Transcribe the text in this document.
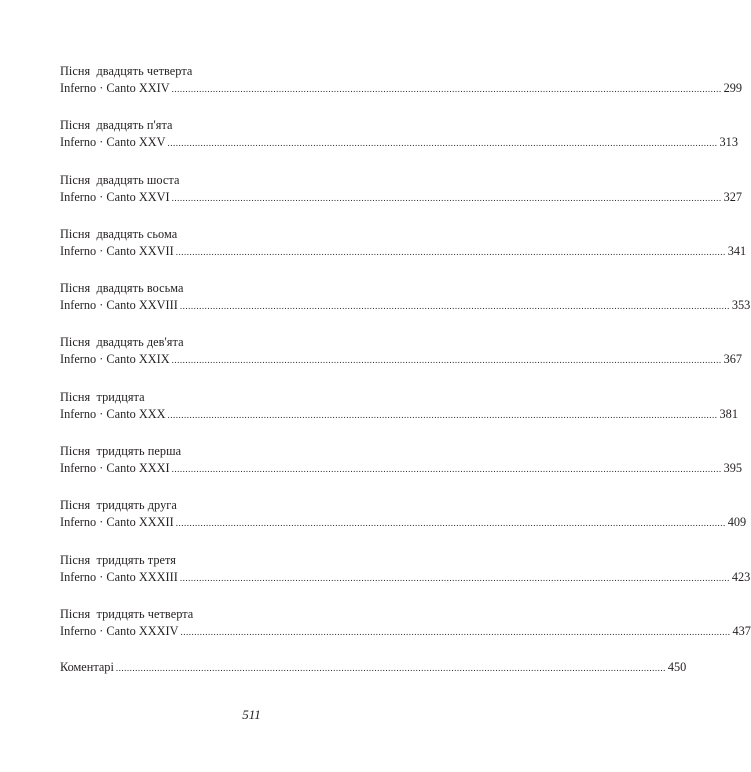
Пісня  двадцять четверта
Inferno · Canto XXIV ........................................................................................................................................................................................................ 299
Пісня  двадцять п'ята
Inferno · Canto XXV ........................................................................................................................................................................................................ 313
Пісня  двадцять шоста
Inferno · Canto XXVI ........................................................................................................................................................................................................ 327
Пісня  двадцять сьома
Inferno · Canto XXVII ........................................................................................................................................................................................................ 341
Пісня  двадцять восьма
Inferno · Canto XXVIII ........................................................................................................................................................................................................ 353
Пісня  двадцять дев'ята
Inferno · Canto XXIX ........................................................................................................................................................................................................ 367
Пісня  тридцята
Inferno · Canto XXX ........................................................................................................................................................................................................ 381
Пісня  тридцять перша
Inferno · Canto XXXI ........................................................................................................................................................................................................ 395
Пісня  тридцять друга
Inferno · Canto XXXII ........................................................................................................................................................................................................ 409
Пісня  тридцять третя
Inferno · Canto XXXIII ........................................................................................................................................................................................................ 423
Пісня  тридцять четверта
Inferno · Canto XXXIV ........................................................................................................................................................................................................ 437
Коментарі ........................................................................................................................................................................................................ 450
511
